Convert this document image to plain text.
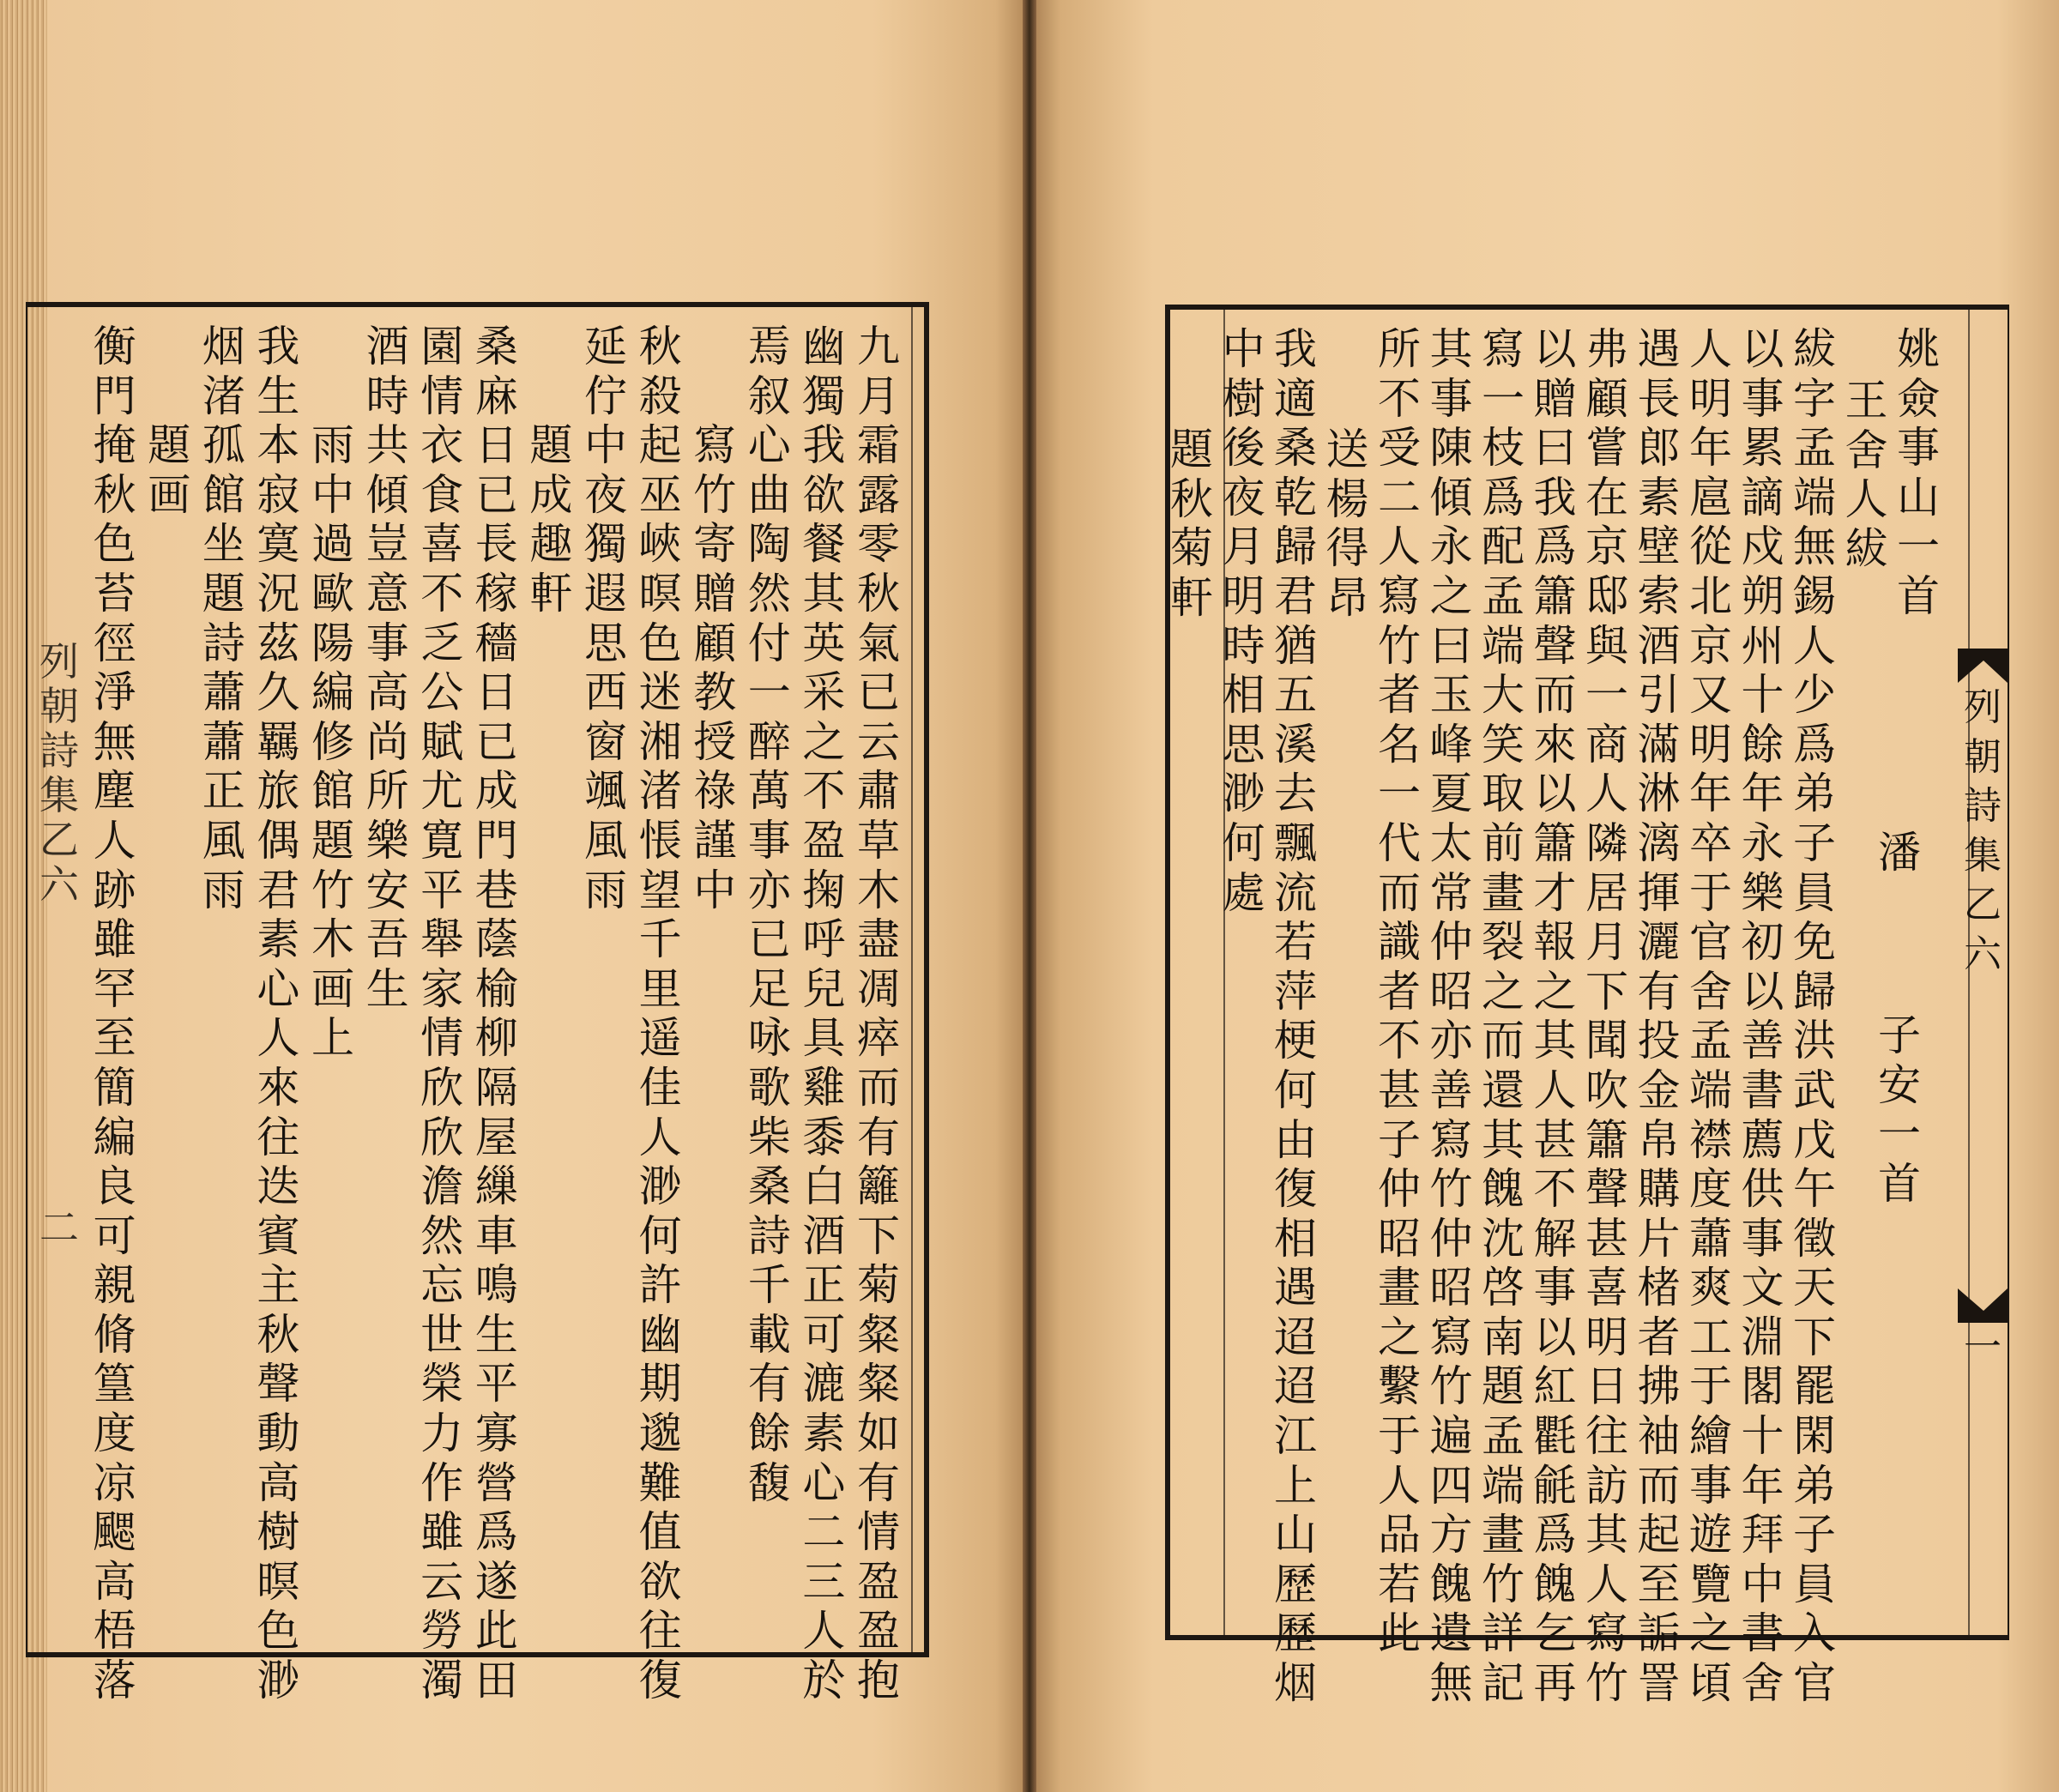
列
朝
詩
集
乙
六
二
列
朝
詩
集
乙
六
一
潘
子
安
一
首
姚
僉
事
山
一
首
王
舍
人
紱
紱
字
孟
端
無
錫
人
少
爲
弟
子
員
免
歸
洪
武
戊
午
徵
天
下
罷
閑
弟
子
員
入
官
以
事
累
謫
戍
朔
州
十
餘
年
永
樂
初
以
善
書
薦
供
事
文
淵
閣
十
年
拜
中
書
舍
人
明
年
扈
從
北
京
又
明
年
卒
于
官
舍
孟
端
襟
度
蕭
爽
工
于
繪
事
遊
覽
之
頃
遇
長
郎
素
壁
索
酒
引
滿
淋
漓
揮
灑
有
投
金
帛
購
片
楮
者
拂
袖
而
起
至
詬
詈
弗
顧
嘗
在
京
邸
與
一
商
人
隣
居
月
下
聞
吹
簫
聲
甚
喜
明
日
往
訪
其
人
寫
竹
以
贈
曰
我
爲
簫
聲
而
來
以
簫
才
報
之
其
人
甚
不
解
事
以
紅
氍
毹
爲
餽
乞
再
寫
一
枝
爲
配
孟
端
大
笑
取
前
畫
裂
之
而
還
其
餽
沈
啓
南
題
孟
端
畫
竹
詳
記
其
事
陳
傾
永
之
曰
玉
峰
夏
太
常
仲
昭
亦
善
寫
竹
仲
昭
寫
竹
遍
四
方
餽
遺
無
所
不
受
二
人
寫
竹
者
名
一
代
而
識
者
不
甚
子
仲
昭
畫
之
繫
于
人
品
若
此
送
楊
得
昂
我
適
桑
乾
歸
君
猶
五
溪
去
飄
流
若
萍
梗
何
由
復
相
遇
迢
迢
江
上
山
歷
歷
烟
中
樹
後
夜
月
明
時
相
思
渺
何
處
題
秋
菊
軒
九
月
霜
露
零
秋
氣
已
云
肅
草
木
盡
凋
瘁
而
有
籬
下
菊
粲
粲
如
有
情
盈
盈
抱
幽
獨
我
欲
餐
其
英
采
之
不
盈
掬
呼
兒
具
雞
黍
白
酒
正
可
漉
素
心
二
三
人
於
焉
叙
心
曲
陶
然
付
一
醉
萬
事
亦
已
足
咏
歌
柴
桑
詩
千
載
有
餘
馥
寫
竹
寄
贈
顧
教
授
祿
謹
中
秋
殺
起
巫
峽
暝
色
迷
湘
渚
悵
望
千
里
遥
佳
人
渺
何
許
幽
期
邈
難
值
欲
往
復
延
佇
中
夜
獨
遐
思
西
窗
颯
風
雨
題
成
趣
軒
桑
麻
日
已
長
稼
穡
日
已
成
門
巷
蔭
榆
柳
隔
屋
繅
車
鳴
生
平
寡
營
爲
遂
此
田
園
情
衣
食
喜
不
乏
公
賦
尤
寛
平
舉
家
情
欣
欣
澹
然
忘
世
榮
力
作
雖
云
勞
濁
酒
時
共
傾
豈
意
事
高
尚
所
樂
安
吾
生
雨
中
過
歐
陽
編
修
館
題
竹
木
画
上
我
生
本
寂
寞
況
茲
久
羈
旅
偶
君
素
心
人
來
往
迭
賓
主
秋
聲
動
高
樹
暝
色
渺
烟
渚
孤
館
坐
題
詩
蕭
蕭
正
風
雨
題
画
衡
門
掩
秋
色
苔
徑
淨
無
塵
人
跡
雖
罕
至
簡
編
良
可
親
脩
篁
度
凉
颸
高
梧
落
